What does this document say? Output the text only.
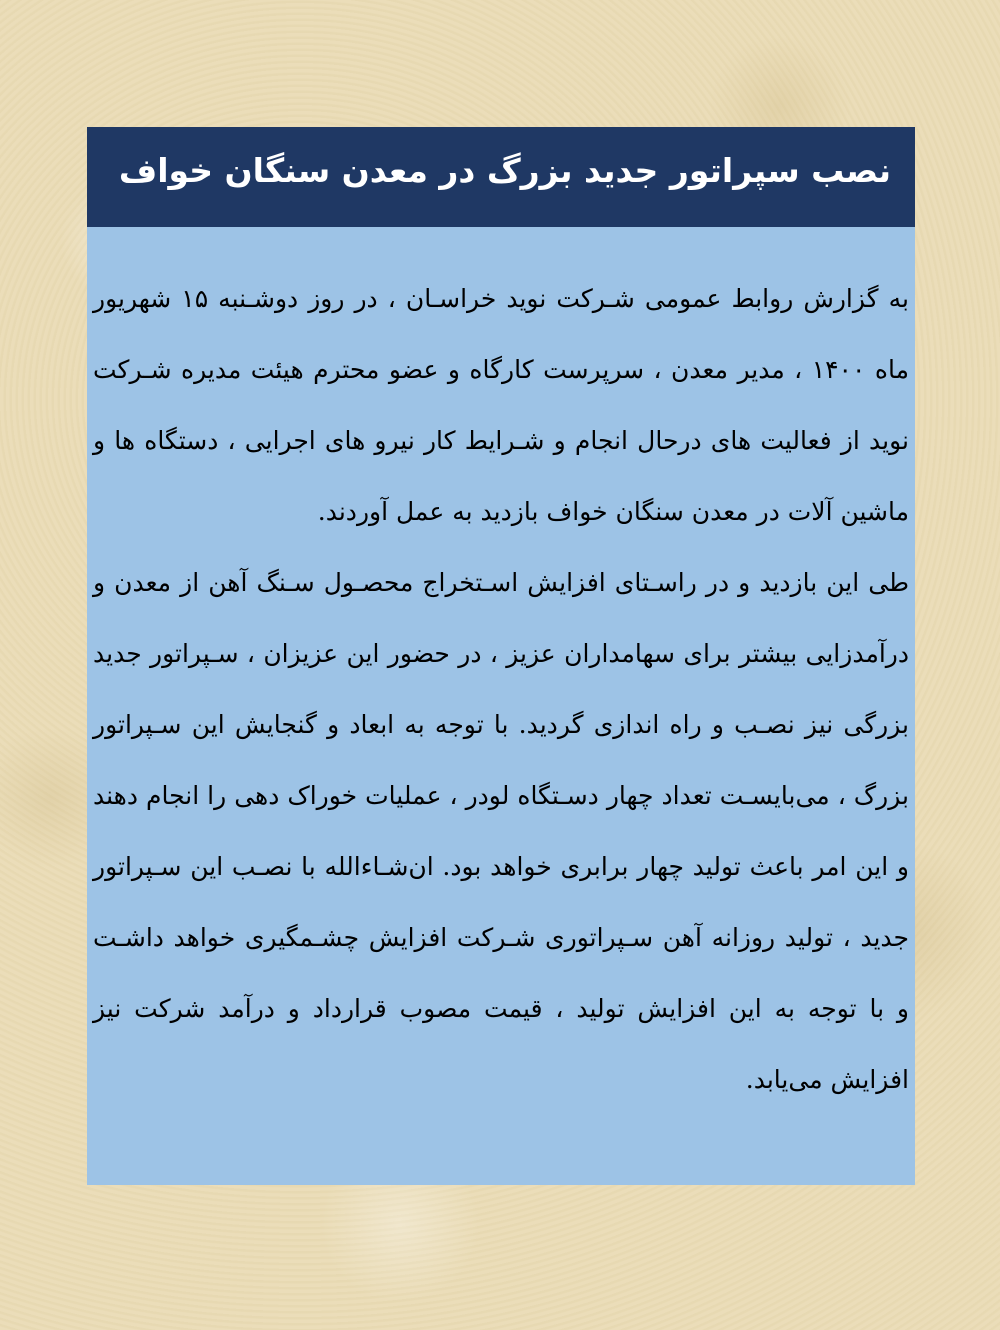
نصب سپراتور جدید بزرگ در معدن سنگان خواف

به گزارش روابط عمومی شـرکت نوید خراسـان ، در روز دوشـنبه ۱۵ شهریور ماه ۱۴۰۰ ، مدیر معدن ، سرپرست کارگاه و عضو محترم هیئت مدیره شـرکت نوید از فعالیت های درحال انجام و شـرایط کار نیرو های اجرایی ، دستگاه ها و ماشین آلات در معدن سنگان خواف بازدید به عمل آوردند.

طی این بازدید و در راسـتای افزایش اسـتخراج محصـول سـنگ آهن از معدن و درآمدزایی بیشتر برای سهامداران عزیز ، در حضور این عزیزان ، سـپراتور جدید بزرگی نیز نصـب و راه اندازی گردید. با توجه به ابعاد و گنجایش این سـپراتور بزرگ ، می‌بایسـت تعداد چهار دسـتگاه لودر ، عملیات خوراک دهی را انجام دهند و این امر باعث تولید چهار برابری خواهد بود. ان‌شـاءالله با نصـب این سـپراتور جدید ، تولید روزانه آهن سـپراتوری شـرکت افزایش چشـمگیری خواهد داشـت و با توجه به این افزایش تولید ، قیمت مصوب قرارداد و درآمد شرکت نیز افزایش می‌یابد.
